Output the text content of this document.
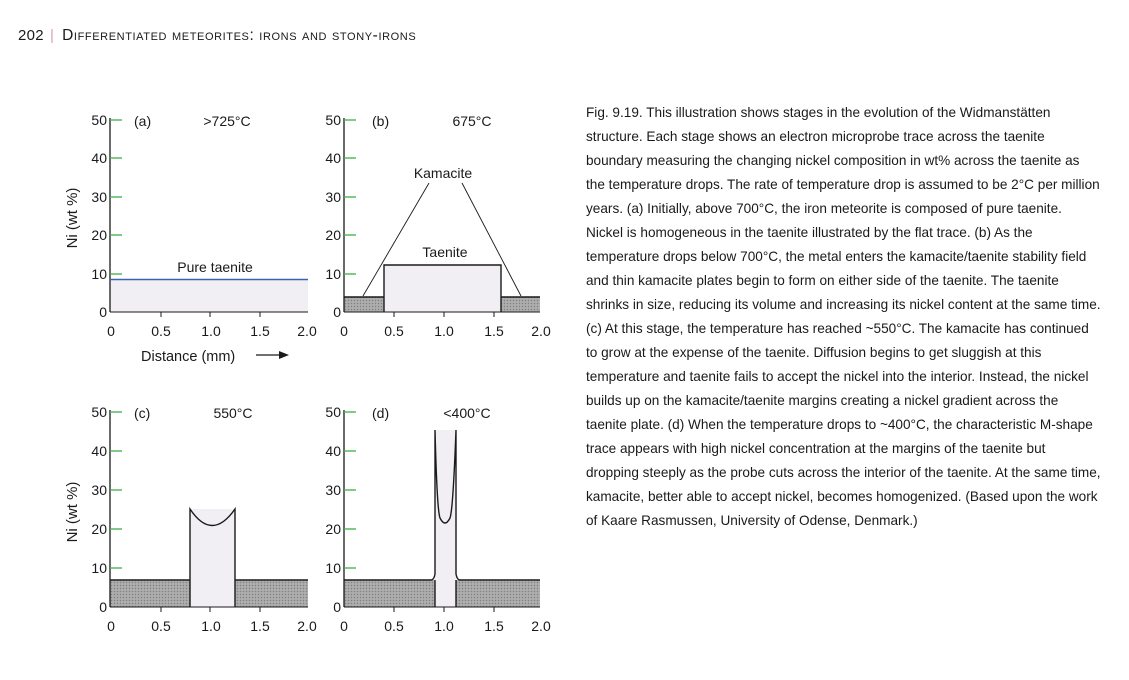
202 | Differentiated meteorites: irons and stony-irons
Ni (wt %)
Ni (wt %)
50
40
30
20
10
0
0	0.5 1.0 1.5 2.0
(a)	>725°C
Pure taenite
Distance (mm)
50
40
30
20
10
0
0	0.5 1.0 1.5 2.0
(b)	675°C
Kamacite
Taenite
50
40
30
20
10
0
0	0.5 1.0 1.5 2.0
(c)	550°C	50
40
30
20
10
0
0	0.5 1.0 1.5 2.0
(d)	<400°C
Fig. 9.19. This illustration shows stages in the evolution of the Widmanstätten structure. Each stage shows an electron microprobe trace across the taenite boundary measuring the changing nickel composition in wt% across the taenite as the temperature drops. The rate of temperature drop is assumed to be 2°C per million years. (a) Initially, above 700°C, the iron meteorite is composed of pure taenite. Nickel is homogeneous in the taenite illustrated by the flat trace. (b) As the temperature drops below 700°C, the metal enters the kamacite/taenite stability field and thin kamacite plates begin to form on either side of the taenite. The taenite shrinks in size, reducing its volume and increasing its nickel content at the same time. (c) At this stage, the temperature has reached ~550°C. The kamacite has continued to grow at the expense of the taenite. Diffusion begins to get sluggish at this temperature and taenite fails to accept the nickel into the interior. Instead, the nickel builds up on the kamacite/taenite margins creating a nickel gradient across the taenite plate. (d) When the temperature drops to ~400°C, the characteristic M-shape trace appears with high nickel concentration at the margins of the taenite but dropping steeply as the probe cuts across the interior of the taenite. At the same time, kamacite, better able to accept nickel, becomes homogenized. (Based upon the work of Kaare Rasmussen, University of Odense, Denmark.)
